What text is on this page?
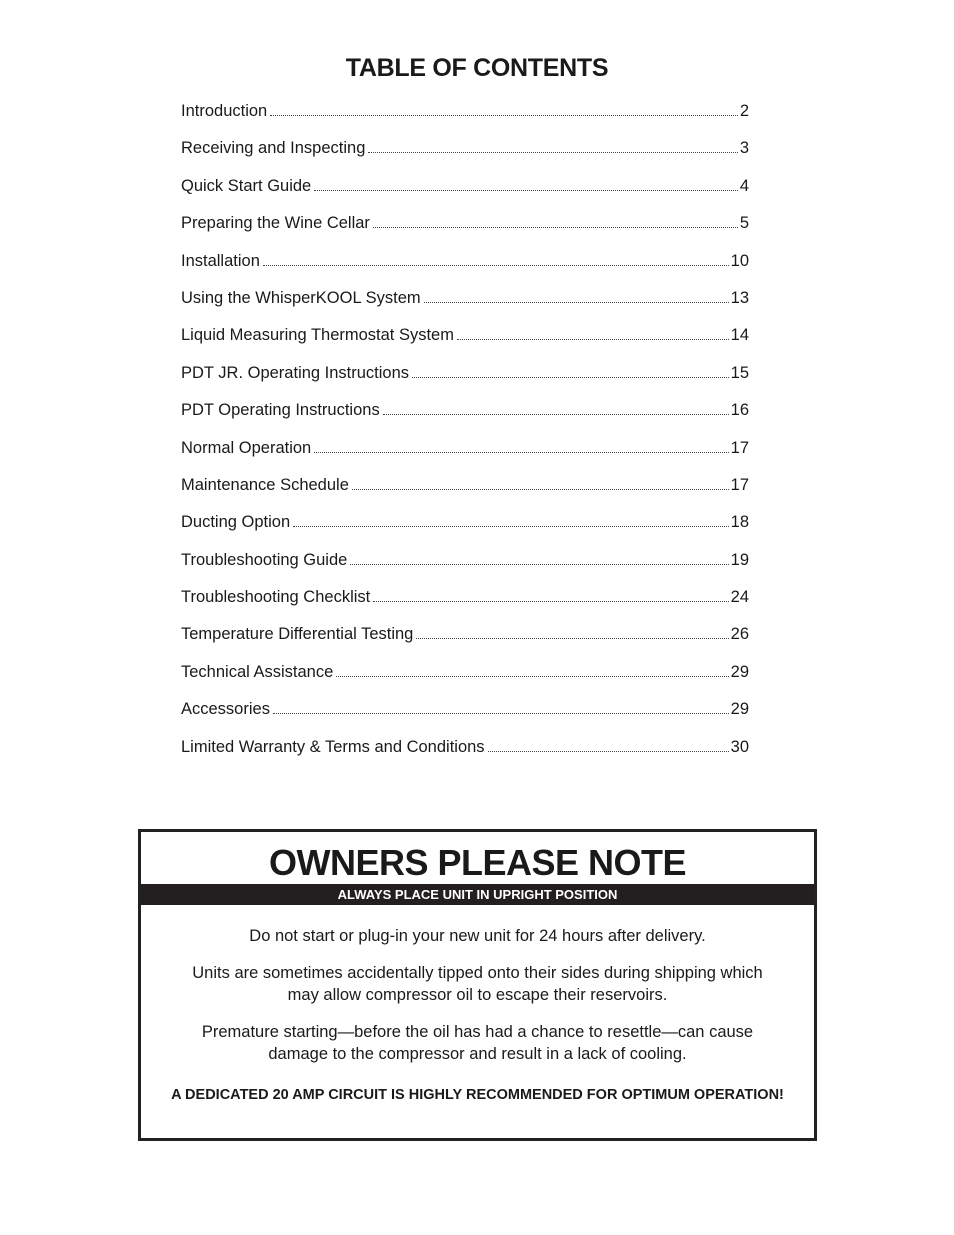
TABLE OF CONTENTS
Introduction	2
Receiving and Inspecting	3
Quick Start Guide	4
Preparing the Wine Cellar	5
Installation	10
Using the WhisperKOOL System	13
Liquid Measuring Thermostat System	14
PDT JR. Operating Instructions	15
PDT Operating Instructions	16
Normal Operation	17
Maintenance Schedule	17
Ducting Option	18
Troubleshooting Guide	19
Troubleshooting Checklist	24
Temperature Differential Testing	26
Technical Assistance	29
Accessories	29
Limited Warranty & Terms and Conditions	30
OWNERS PLEASE NOTE
ALWAYS PLACE UNIT IN UPRIGHT POSITION

Do not start or plug-in your new unit for 24 hours after delivery.

Units are sometimes accidentally tipped onto their sides during shipping which may allow compressor oil to escape their reservoirs.

Premature starting—before the oil has had a chance to resettle—can cause damage to the compressor and result in a lack of cooling.

A DEDICATED 20 AMP CIRCUIT IS HIGHLY RECOMMENDED FOR OPTIMUM OPERATION!
